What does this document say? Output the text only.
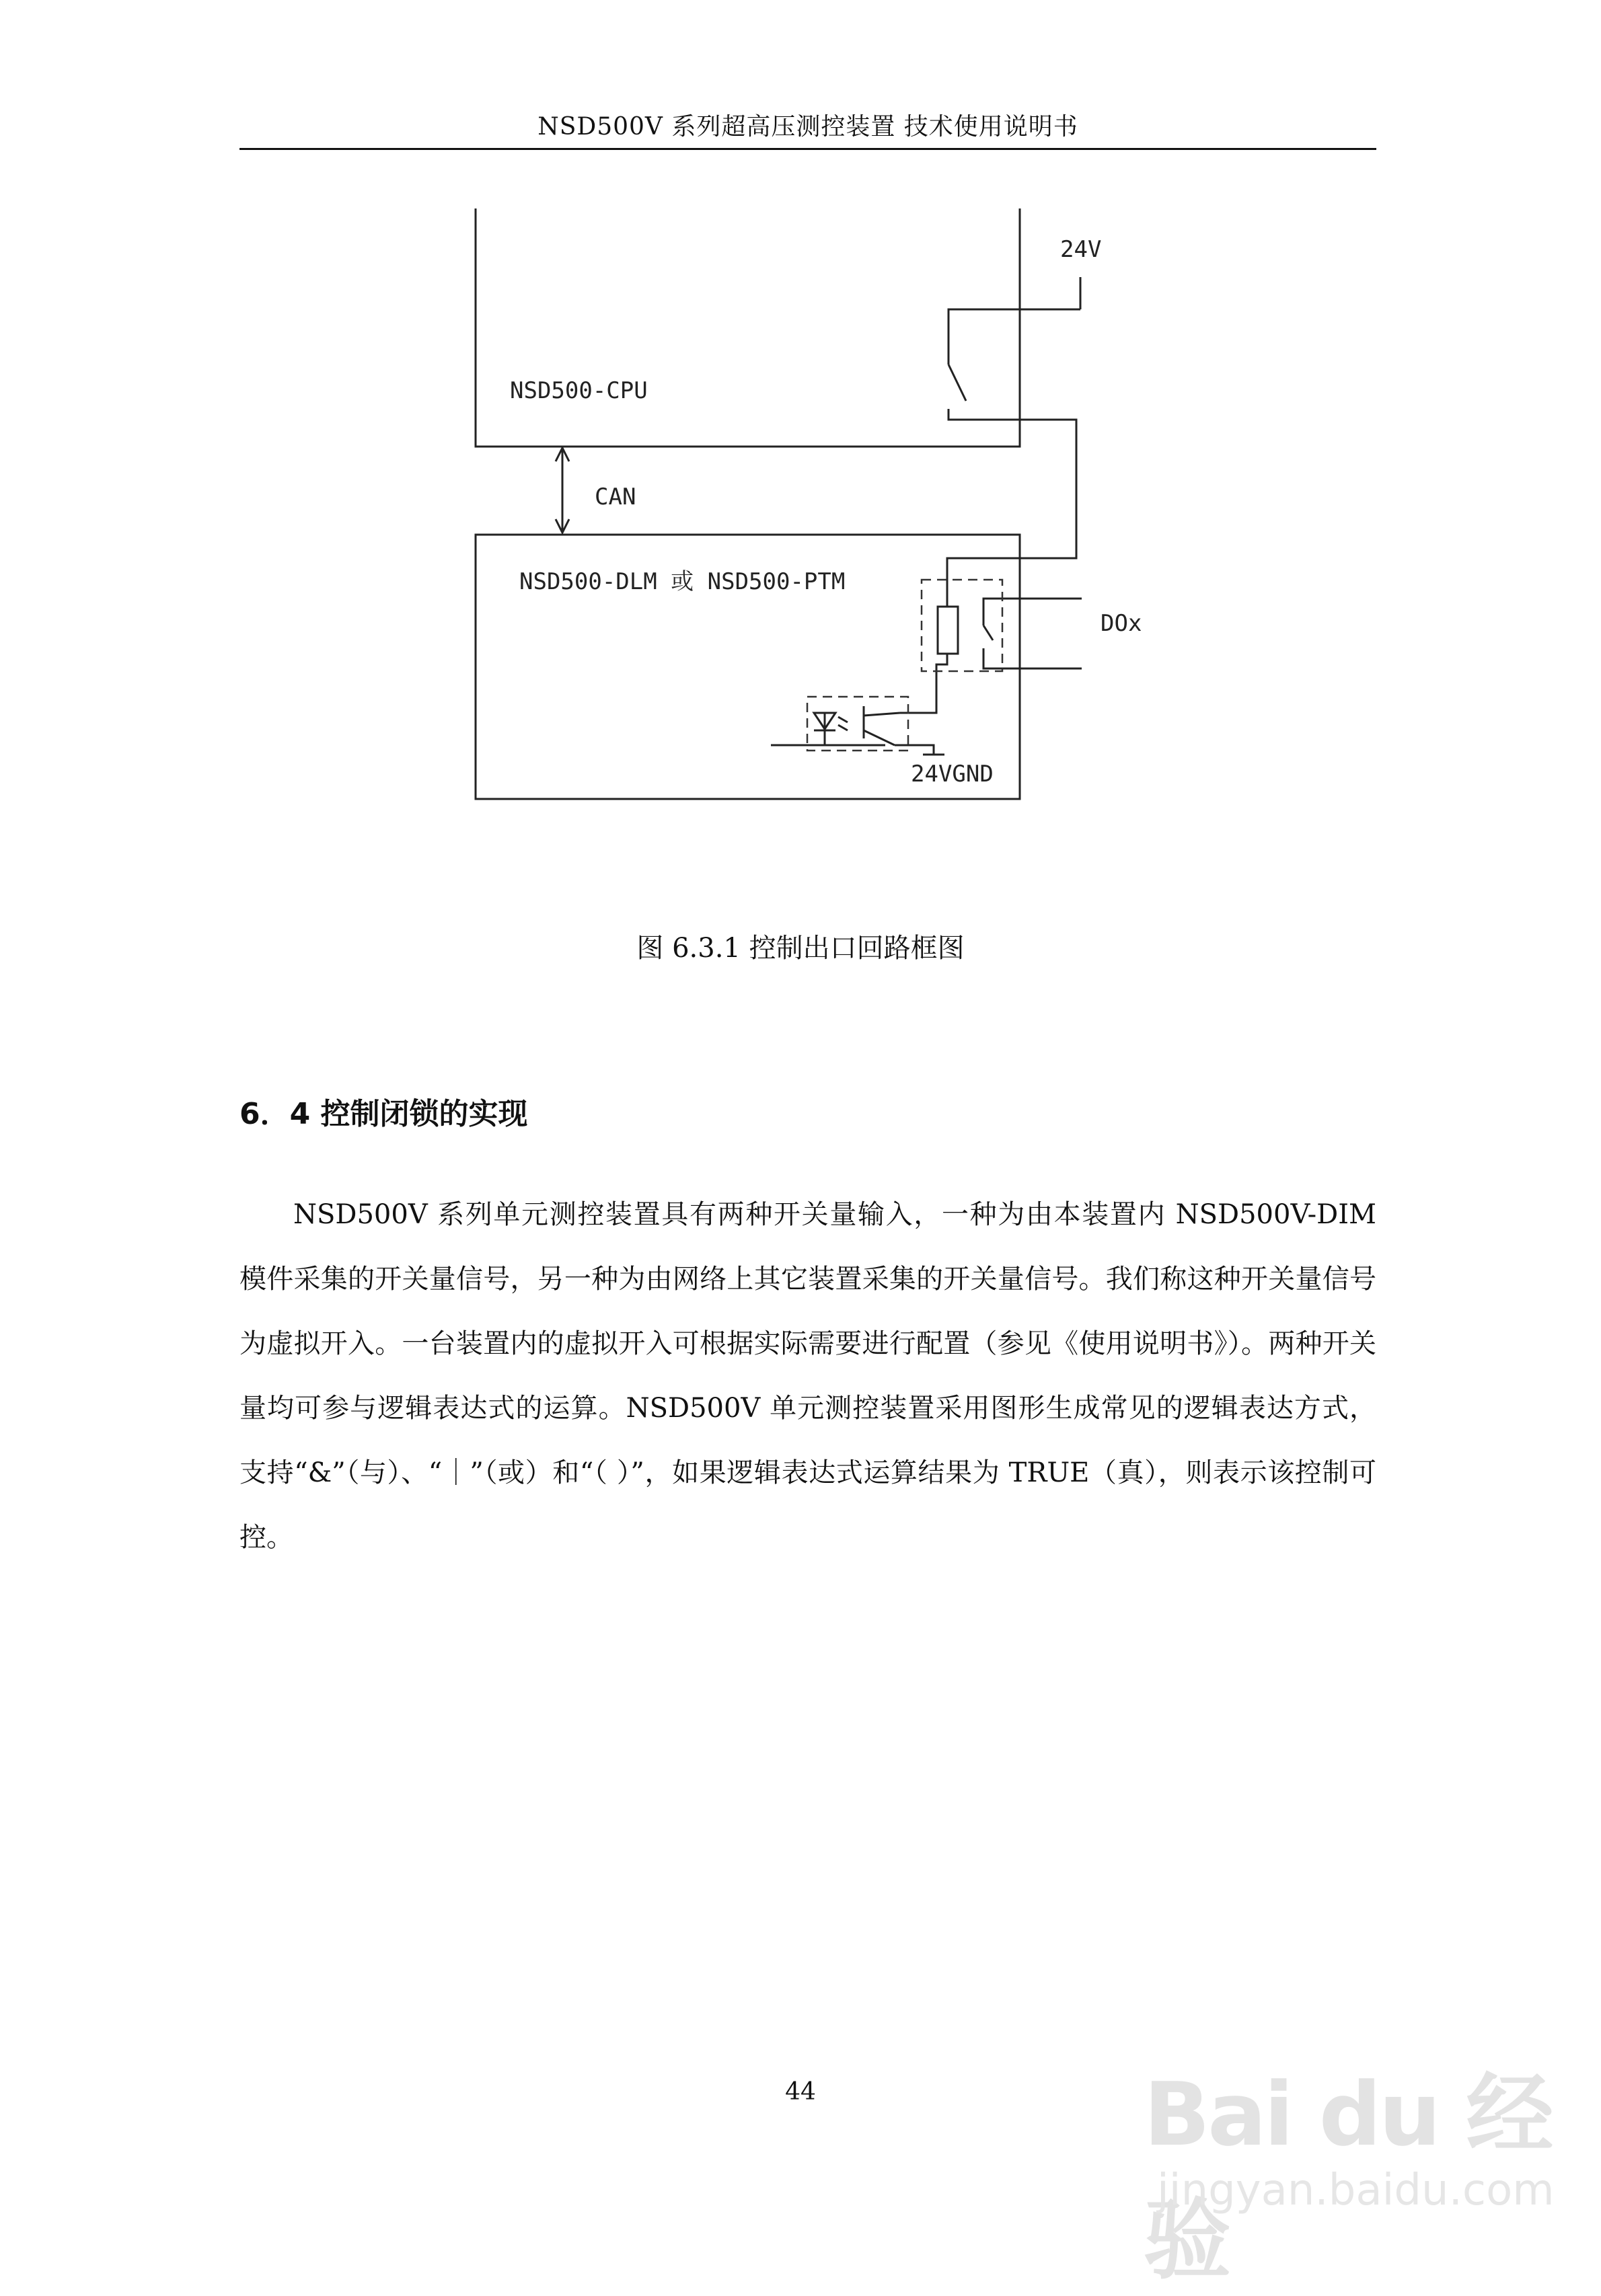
NSD500V 系列超高压测控装置 技术使用说明书
NSD500-CPU
CAN
NSD500-DLM 或 NSD500-PTM
24V
DOx
24VGND
图 6.3.1 控制出口回路框图
6．4 控制闭锁的实现
NSD500V 系列单元测控装置具有两种开关量输入，一种为由本装置内 NSD500V-DIM 模件采集的开关量信号，另一种为由网络上其它装置采集的开关量信号。我们称这种开关量信号为虚拟开入。一台装置内的虚拟开入可根据实际需要进行配置（参见《使用说明书》）。两种开关量均可参与逻辑表达式的运算。NSD500V 单元测控装置采用图形生成常见的逻辑表达方式，支持“&”（与）、“｜”（或）和“（ ）”，如果逻辑表达式运算结果为 TRUE（真），则表示该控制可控。
44	Bai du 经验
jingyan.baidu.com
